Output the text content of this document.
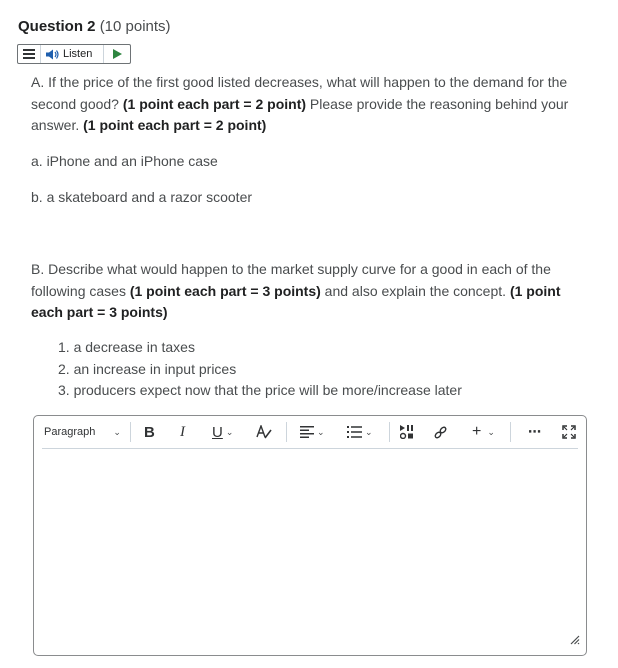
Question 2 (10 points)
Listen

A. If the price of the first good listed decreases, what will happen to the demand for the second good? (1 point each part = 2 point) Please provide the reasoning behind your answer. (1 point each part = 2 point)

a. iPhone and an iPhone case

b. a skateboard and a razor scooter

B. Describe what would happen to the market supply curve for a good in each of the following cases (1 point each part = 3 points) and also explain the concept. (1 point each part = 3 points)

1. a decrease in taxes
2. an increase in input prices
3. producers expect now that the price will be more/increase later
Paragraph ⌄ B I U ⌄	⌄	⌄	+ ⌄	⋯
